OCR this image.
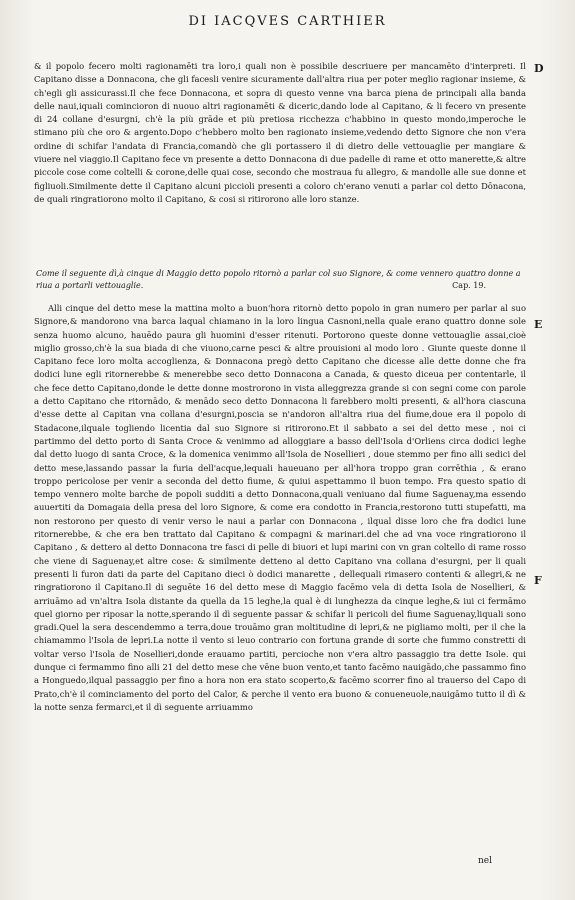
DI IACQVES CARTHIER
D
E
F

& il popolo fecero molti ragionamēti tra loro,i quali non è possibile descriuere per mancamēto d'interpreti. Il Capitano disse a Donnacona, che gli facesli venire sicuramente dall'altra riua per poter meglio ragionar insieme, & ch'egli gli assicurassi.Il che fece Donnacona, et sopra di questo venne vna barca piena de principali alla banda delle naui,iquali comincioron di nuouo altri ragionamēti & diceric,dando lode al Capitano, & li fecero vn presente di 24 collane d'esurgni, ch'è la più grāde et più pretiosa ricchezza c'habbino in questo mondo,imperoche le stimano più che oro & argento.Dopo c'hebbero molto ben ragionato insieme,vedendo detto Signore che non v'era ordine di schifar l'andata di Francia,comandò che gli portassero il di dietro delle vettouaglie per mangiare & viuere nel viaggio.Il Capitano fece vn presente a detto Donnacona di due padelle di rame et otto manerette,& altre piccole cose come coltelli & corone,delle quai cose, secondo che mostraua fu allegro, & mandolle alle sue donne et figliuoli.Similmente dette il Capitano alcuni piccioli presenti a coloro ch'erano venuti a parlar col detto Dōnacona, de quali ringratiorono molto il Capitano, & cosi si ritirorono alle loro stanze.

Come il seguente dì,à cinque di Maggio detto popolo ritornò a parlar col suo Signore, & come vennero quattro donne a riua a portarli vettouaglie.	Cap. 19.

Alli cinque del detto mese la mattina molto a buon'hora ritornò detto popolo in gran numero per parlar al suo Signore,& mandorono vna barca laqual chiamano in la loro lingua Casnoni,nella quale erano quattro donne sole senza huomo alcuno, hauēdo paura gli huomini d'esser ritenuti. Portorono queste donne vettouaglie assai,cioè miglio grosso,ch'è la sua biada di che viuono,carne pesci & altre prouisioni al modo loro . Giunte queste donne il Capitano fece loro molta accoglienza, & Donnacona pregò detto Capitano che dicesse alle dette donne che fra dodici lune egli ritornerebbe & menerebbe seco detto Donnacona a Canada, & questo diceua per contentarle, il che fece detto Capitano,donde le dette donne mostrorono in vista alleggrezza grande si con segni come con parole a detto Capitano che ritornādo, & menādo seco detto Donnacona li farebbero molti presenti, & all'hora ciascuna d'esse dette al Capitan vna collana d'esurgni,poscia se n'andoron all'altra riua del fiume,doue era il popolo di Stadacone,ilquale togliendo licentia dal suo Signore si ritirorono.Et il sabbato a sei del detto mese , noi ci partimmo del detto porto di Santa Croce & venimmo ad alloggiare a basso dell'Isola d'Orliens circa dodici leghe dal detto luogo di santa Croce, & la domenica venimmo all'Isola de Nosellieri , doue stemmo per fino alli sedici del detto mese,lassando passar la furia dell'acque,lequali haueuano per all'hora troppo gran corrēthia , & erano troppo pericolose per venir a seconda del detto fiume, & quiui aspettammo il buon tempo. Fra questo spatio di tempo vennero molte barche de popoli sudditi a detto Donnacona,quali veniuano dal fiume Saguenay,ma essendo auuertiti da Domagaia della presa del loro Signore, & come era condotto in Francia,restorono tutti stupefatti, ma non restorono per questo di venir verso le naui a parlar con Donnacona , ilqual disse loro che fra dodici lune ritornerebbe, & che era ben trattato dal Capitano & compagni & marinari.del che ad vna voce ringratiorono il Capitano , & dettero al detto Donnacona tre fasci di pelle di biuori et lupi marini con vn gran coltello di rame rosso che viene di Saguenay,et altre cose: & similmente detteno al detto Capitano vna collana d'esurgni, per li quali presenti li furon dati da parte del Capitano dieci ò dodici manarette , dellequali rimasero contenti & allegri,& ne ringratiorono il Capitano.Il di seguēte 16 del detto mese di Maggio facēmo vela di detta Isola de Nosellieri, & arriuāmo ad vn'altra Isola distante da quella da 15 leghe,la qual è di lunghezza da cinque leghe,& iui ci fermāmo quel giorno per riposar la notte,sperando il dì seguente passar & schifar li pericoli del fiume Saguenay,liquali sono gradi.Quel la sera descendemmo a terra,doue trouāmo gran moltitudine di lepri,& ne pigliamo molti, per il che la chiamammo l'Isola de lepri.La notte il vento si leuo contrario con fortuna grande di sorte che fummo constretti di voltar verso l'Isola de Nosellieri,donde erauamo partiti, percioche non v'era altro passaggio tra dette Isole. qui dunque ci fermammo fino alli 21 del detto mese che vēne buon vento,et tanto facēmo nauigādo,che passammo fino a Honguedo,ilqual passaggio per fino a hora non era stato scoperto,& facēmo scorrer fino al trauerso del Capo di Prato,ch'è il cominciamento del porto del Calor, & perche il vento era buono & conueneuole,nauigāmo tutto il dì & la notte senza fermarci,et il dì seguente arriuammo

nel
